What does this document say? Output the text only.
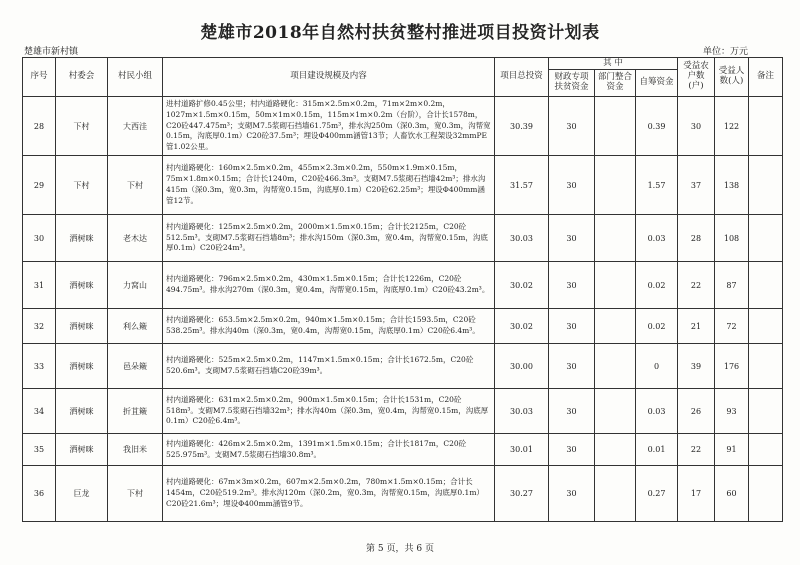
楚雄市2018年自然村扶贫整村推进项目投资计划表
楚雄市新村镇	单位：万元
序号	村委会	村民小组	项目建设规模及内容	项目总投资	其 中			受益农户数(户)	受益人数(人)	备注
					财政专项扶贫资金	部门整合资金	自筹资金			
28	下村	大西洼	进村道路扩修0.45公里；村内道路硬化：315m×2.5m×0.2m，71m×2m×0.2m，1027m×1.5m×0.15m，50m×1m×0.15m，115m×1m×0.2m（台阶），合计长1578m，C20砼447.475m³；支砌M7.5浆砌石挡墙61.75m³，排水沟250m（深0.3m，宽0.3m，沟帮宽0.15m，沟底厚0.1m）C20砼37.5m³；埋设Φ400mm涵管13节；人畜饮水工程架设32mmPE管1.02公里。	30.39	30		0.39	30	122	
29	下村	下村	村内道路硬化：160m×2.5m×0.2m，455m×2.3m×0.2m，550m×1.9m×0.15m，75m×1.8m×0.15m；合计长1240m，C20砼466.3m³。支砌M7.5浆砌石挡墙42m³；排水沟415m（深0.3m，宽0.3m，沟帮宽0.15m，沟底厚0.1m）C20砼62.25m³；埋设Φ400mm涵管12节。	31.57	30		1.57	37	138	
30	洒树咪	老木达	村内道路硬化：125m×2.5m×0.2m，2000m×1.5m×0.15m；合计长2125m，C20砼512.5m³。支砌M7.5浆砌石挡墙8m³；排水沟150m（深0.3m，宽0.4m，沟帮宽0.15m，沟底厚0.1m）C20砼24m³。	30.03	30		0.03	28	108	
31	洒树咪	力窝山	村内道路硬化：796m×2.5m×0.2m，430m×1.5m×0.15m；合计长1226m，C20砼494.75m³。排水沟270m（深0.3m，宽0.4m，沟帮宽0.15m，沟底厚0.1m）C20砼43.2m³。	30.02	30		0.02	22	87	
32	洒树咪	利么簸	村内道路硬化：653.5m×2.5m×0.2m，940m×1.5m×0.15m；合计长1593.5m，C20砼538.25m³。排水沟40m（深0.3m，宽0.4m，沟帮宽0.15m，沟底厚0.1m）C20砼6.4m³。	30.02	30		0.02	21	72	
33	洒树咪	邑朵簸	村内道路硬化：525m×2.5m×0.2m，1147m×1.5m×0.15m；合计长1672.5m，C20砼520.6m³。支砌M7.5浆砌石挡墙C20砼39m³。	30.00	30		0	39	176	
34	洒树咪	折苴簸	村内道路硬化：631m×2.5m×0.2m，900m×1.5m×0.15m；合计长1531m，C20砼518m³。支砌M7.5浆砌石挡墙32m³；排水沟40m（深0.3m，宽0.4m，沟帮宽0.15m，沟底厚0.1m）C20砼6.4m³。	30.03	30		0.03	26	93	
35	洒树咪	我旧米	村内道路硬化：426m×2.5m×0.2m，1391m×1.5m×0.15m；合计长1817m，C20砼525.975m³。支砌M7.5浆砌石挡墙30.8m³。	30.01	30		0.01	22	91	
36	巨龙	下村	村内道路硬化：67m×3m×0.2m，607m×2.5m×0.2m，780m×1.5m×0.15m；合计长1454m，C20砼519.2m³。排水沟120m（深0.2m，宽0.3m，沟帮宽0.15m，沟底厚0.1m）C20砼21.6m³；埋设Φ400mm涵管9节。	30.27	30		0.27	17	60	
第 5 页，共 6 页
